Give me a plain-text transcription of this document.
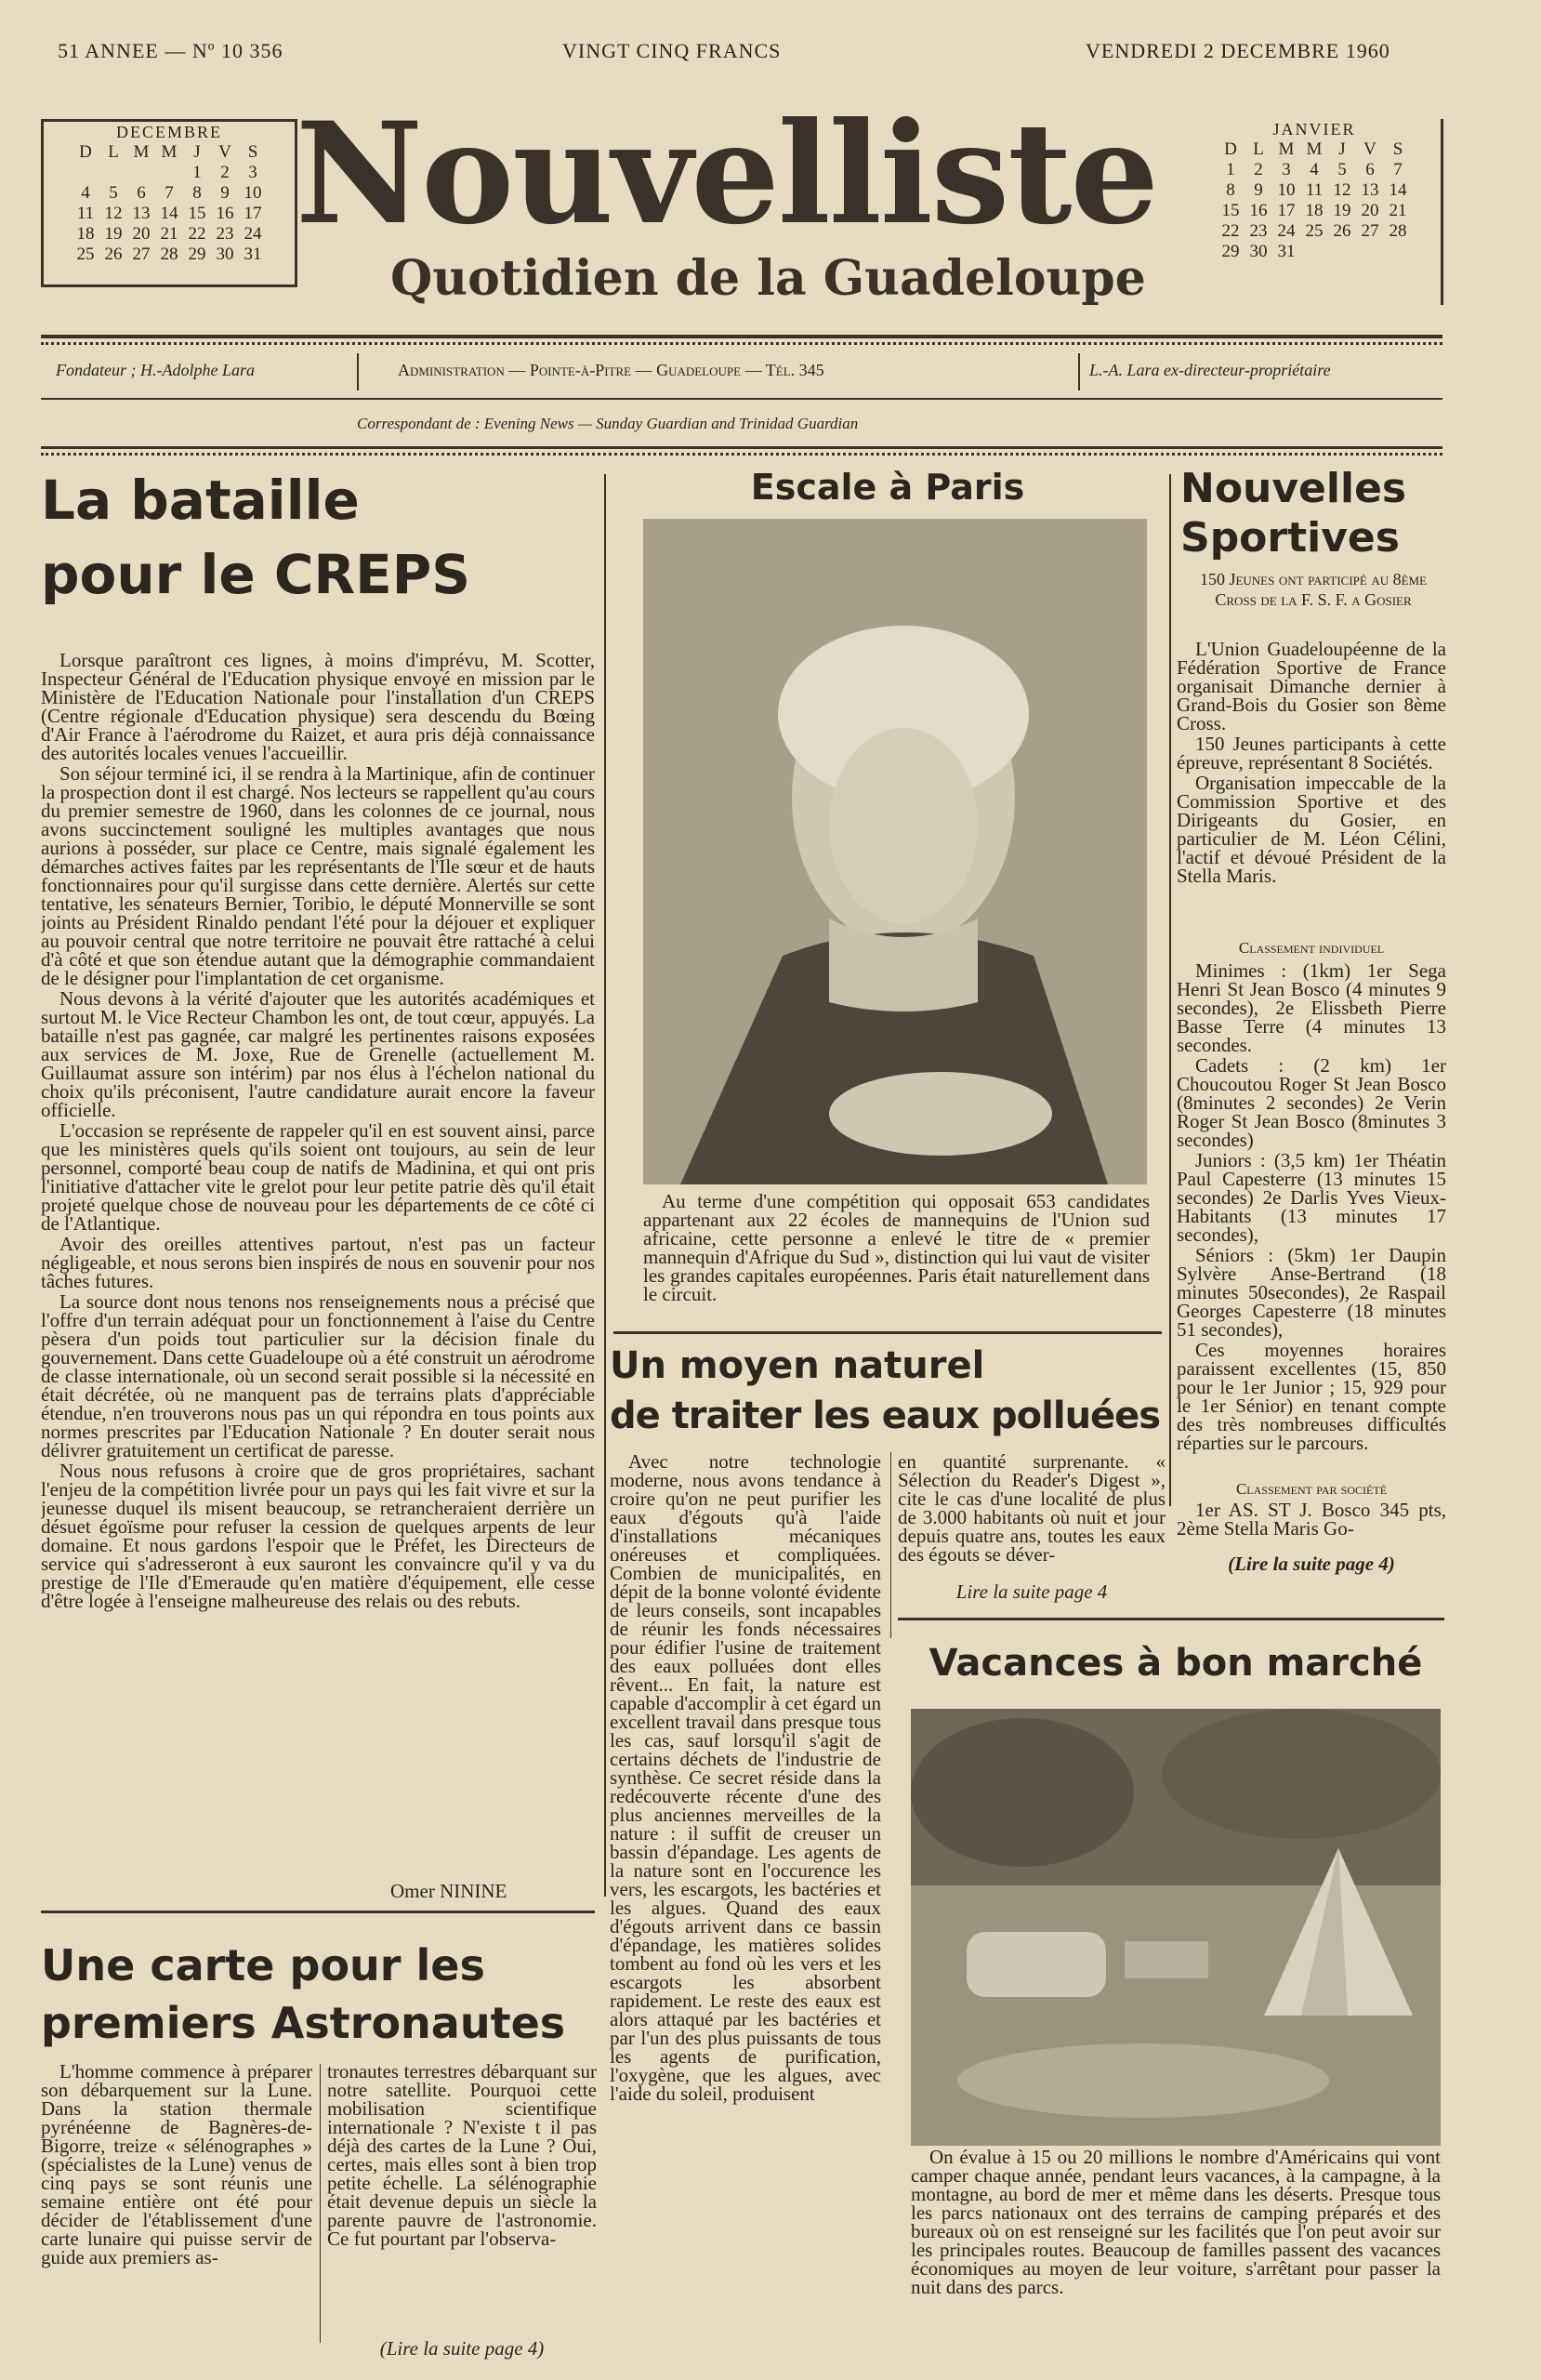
51 ANNEE — Nº 10 356	VINGT CINQ FRANCS	VENDREDI 2 DECEMBRE 1960
DECEMBRE
D	L	M	M	J	V	S
				1	2	3
4	5	6	7	8	9	10
11	12	13	14	15	16	17
18	19	20	21	22	23	24
25	26	27	28	29	30	31
JANVIER
D	L	M	M	J	V	S
1	2	3	4	5	6	7
8	9	10	11	12	13	14
15	16	17	18	19	20	21
22	23	24	25	26	27	28
29	30	31				
Nouvelliste
Quotidien de la Guadeloupe
Fondateur ; H.-Adolphe Lara	Administration — Pointe-à-Pitre — Guadeloupe — Tél. 345	L.-A. Lara ex-directeur-propriétaire
Correspondant de : Evening News — Sunday Guardian and Trinidad Guardian
La bataille
pour le CREPS

Lorsque paraîtront ces lignes, à moins d'imprévu, M. Scotter, Inspecteur Général de l'Education physique envoyé en mission par le Ministère de l'Education Nationale pour l'installation d'un CREPS (Centre régionale d'Education physique) sera descendu du Bœing d'Air France à l'aérodrome du Raizet, et aura pris déjà connaissance des autorités locales venues l'accueillir.

Son séjour terminé ici, il se rendra à la Martinique, afin de continuer la prospection dont il est chargé. Nos lecteurs se rappellent qu'au cours du premier semestre de 1960, dans les colonnes de ce journal, nous avons succinctement souligné les multiples avantages que nous aurions à posséder, sur place ce Centre, mais signalé également les démarches actives faites par les représentants de l'Ile sœur et de hauts fonctionnaires pour qu'il surgisse dans cette dernière. Alertés sur cette tentative, les sénateurs Bernier, Toribio, le député Monnerville se sont joints au Président Rinaldo pendant l'été pour la déjouer et expliquer au pouvoir central que notre territoire ne pouvait être rattaché à celui d'à côté et que son étendue autant que la démographie commandaient de le désigner pour l'implantation de cet organisme.

Nous devons à la vérité d'ajouter que les autorités académiques et surtout M. le Vice Recteur Chambon les ont, de tout cœur, appuyés. La bataille n'est pas gagnée, car malgré les pertinentes raisons exposées aux services de M. Joxe, Rue de Grenelle (actuellement M. Guillaumat assure son intérim) par nos élus à l'échelon national du choix qu'ils préconisent, l'autre candidature aurait encore la faveur officielle.

L'occasion se représente de rappeler qu'il en est souvent ainsi, parce que les ministères quels qu'ils soient ont toujours, au sein de leur personnel, comporté beau coup de natifs de Madinina, et qui ont pris l'initiative d'attacher vite le grelot pour leur petite patrie dès qu'il était projeté quelque chose de nouveau pour les départements de ce côté ci de l'Atlantique.

Avoir des oreilles attentives partout, n'est pas un facteur négligeable, et nous serons bien inspirés de nous en souvenir pour nos tâches futures.

La source dont nous tenons nos renseignements nous a précisé que l'offre d'un terrain adéquat pour un fonctionnement à l'aise du Centre pèsera d'un poids tout particulier sur la décision finale du gouvernement. Dans cette Guadeloupe où a été construit un aérodrome de classe internationale, où un second serait possible si la nécessité en était décrétée, où ne manquent pas de terrains plats d'appréciable étendue, n'en trouverons nous pas un qui répondra en tous points aux normes prescrites par l'Education Nationale ? En douter serait nous délivrer gratuitement un certificat de paresse.

Nous nous refusons à croire que de gros propriétaires, sachant l'enjeu de la compétition livrée pour un pays qui les fait vivre et sur la jeunesse duquel ils misent beaucoup, se retrancheraient derrière un désuet égoïsme pour refuser la cession de quelques arpents de leur domaine. Et nous gardons l'espoir que le Préfet, les Directeurs de service qui s'adresseront à eux sauront les convaincre qu'il y va du prestige de l'Ile d'Emeraude qu'en matière d'équipement, elle cesse d'être logée à l'enseigne malheureuse des relais ou des rebuts.

Omer NININE
Une carte pour les
premiers Astronautes

L'homme commence à préparer son débarquement sur la Lune. Dans la station thermale pyrénéenne de Bagnères-de-Bigorre, treize « sélénographes » (spécialistes de la Lune) venus de cinq pays se sont réunis une semaine entière ont été pour décider de l'établissement d'une carte lunaire qui puisse servir de guide aux premiers as-

tronautes terrestres débarquant sur notre satellite. Pourquoi cette mobilisation scientifique internationale ? N'existe t il pas déjà des cartes de la Lune ? Oui, certes, mais elles sont à bien trop petite échelle. La sélénographie était devenue depuis un siècle la parente pauvre de l'astronomie. Ce fut pourtant par l'observa-

(Lire la suite page 4)
Escale à Paris
Au terme d'une compétition qui opposait 653 candidates appartenant aux 22 écoles de mannequins de l'Union sud africaine, cette personne a enlevé le titre de « premier mannequin d'Afrique du Sud », distinction qui lui vaut de visiter les grandes capitales européennes. Paris était naturellement dans le circuit.
Un moyen naturel
de traiter les eaux polluées

Avec notre technologie moderne, nous avons tendance à croire qu'on ne peut purifier les eaux d'égouts qu'à l'aide d'installations mécaniques onéreuses et compliquées. Combien de municipalités, en dépit de la bonne volonté évidente de leurs conseils, sont incapables de réunir les fonds nécessaires pour édifier l'usine de traitement des eaux polluées dont elles rêvent... En fait, la nature est capable d'accomplir à cet égard un excellent travail dans presque tous les cas, sauf lorsqu'il s'agit de certains déchets de l'industrie de synthèse. Ce secret réside dans la redécouverte récente d'une des plus anciennes merveilles de la nature : il suffit de creuser un bassin d'épandage. Les agents de la nature sont en l'occurence les vers, les escargots, les bactéries et les algues. Quand des eaux d'égouts arrivent dans ce bassin d'épandage, les matières solides tombent au fond où les vers et les escargots les absorbent rapidement. Le reste des eaux est alors attaqué par les bactéries et par l'un des plus puissants de tous les agents de purification, l'oxygène, que les algues, avec l'aide du soleil, produisent

en quantité surprenante. « Sélection du Reader's Digest », cite le cas d'une localité de plus de 3.000 habitants où nuit et jour depuis quatre ans, toutes les eaux des égouts se déver-

Lire la suite page 4
Nouvelles
Sportives
150 Jeunes ont participé au 8ème Cross de la F. S. F. a Gosier

L'Union Guadeloupéenne de la Fédération Sportive de France organisait Dimanche dernier à Grand-Bois du Gosier son 8ème Cross.

150 Jeunes participants à cette épreuve, représentant 8 Sociétés.

Organisation impeccable de la Commission Sportive et des Dirigeants du Gosier, en particulier de M. Léon Célini, l'actif et dévoué Président de la Stella Maris.

Classement individuel

Minimes : (1km) 1er Sega Henri St Jean Bosco (4 minutes 9 secondes), 2e Elissbeth Pierre Basse Terre (4 minutes 13 secondes.

Cadets : (2 km) 1er Choucoutou Roger St Jean Bosco (8minutes 2 secondes) 2e Verin Roger St Jean Bosco (8minutes 3 secondes)

Juniors : (3,5 km) 1er Théatin Paul Capesterre (13 minutes 15 secondes) 2e Darlis Yves Vieux-Habitants (13 minutes 17 secondes),

Séniors : (5km) 1er Daupin Sylvère Anse-Bertrand (18 minutes 50secondes), 2e Raspail Georges Capesterre (18 minutes 51 secondes),

Ces moyennes horaires paraissent excellentes (15, 850 pour le 1er Junior ; 15, 929 pour le 1er Sénior) en tenant compte des très nombreuses difficultés réparties sur le parcours.

Classement par société

1er AS. ST J. Bosco 345 pts, 2ème Stella Maris Go-

(Lire la suite page 4)
Vacances à bon marché
On évalue à 15 ou 20 millions le nombre d'Américains qui vont camper chaque année, pendant leurs vacances, à la campagne, à la montagne, au bord de mer et même dans les déserts. Presque tous les parcs nationaux ont des terrains de camping préparés et des bureaux où on est renseigné sur les facilités que l'on peut avoir sur les principales routes. Beaucoup de familles passent des vacances économiques au moyen de leur voiture, s'arrêtant pour passer la nuit dans des parcs.
